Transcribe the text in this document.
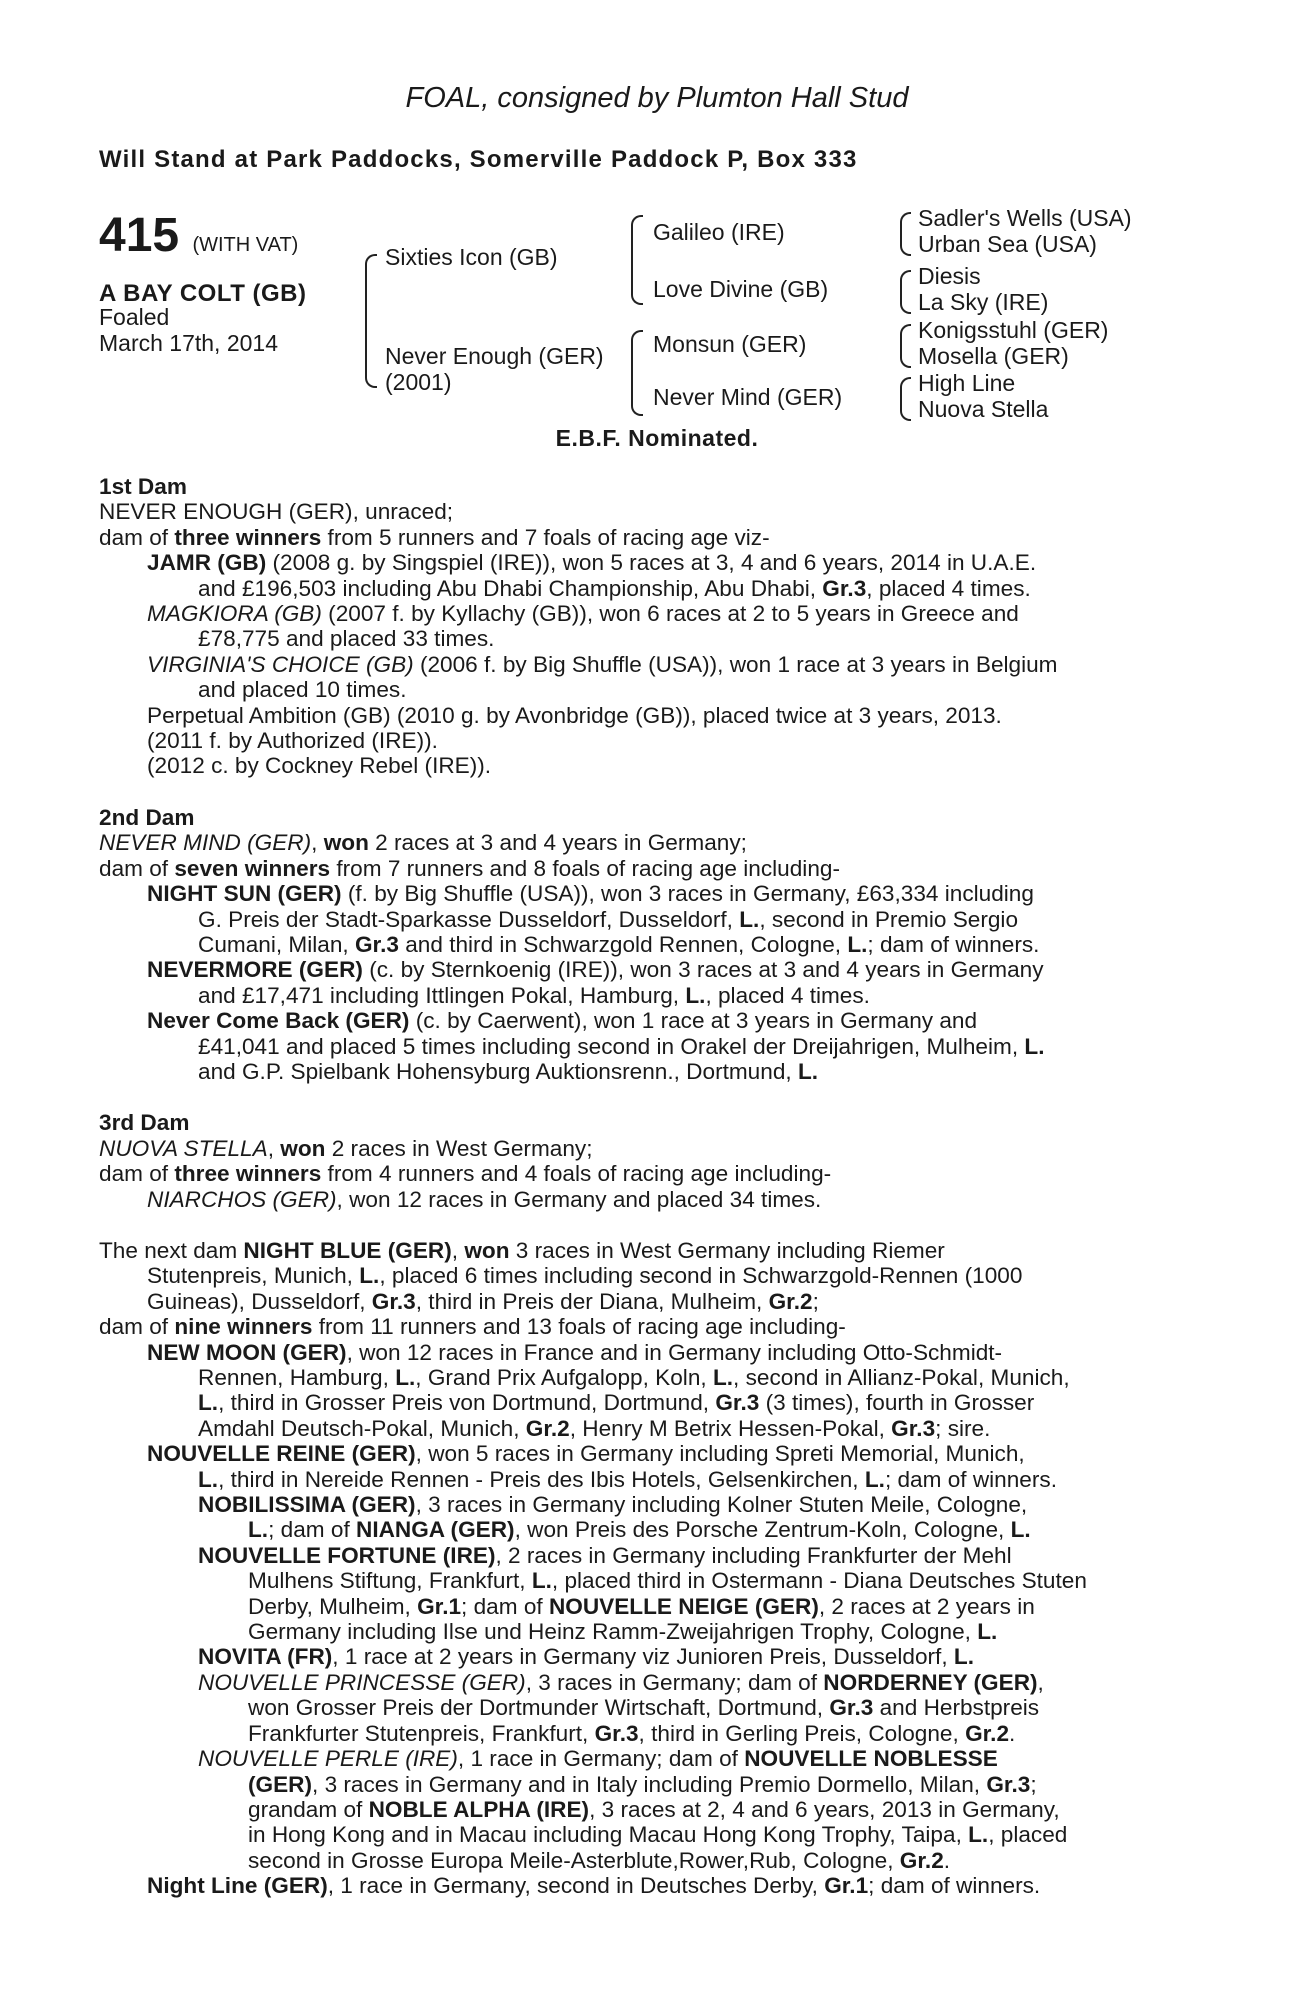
FOAL, consigned by Plumton Hall Stud
Will Stand at Park Paddocks, Somerville Paddock P, Box 333
415 (WITH VAT)
A BAY COLT (GB)
Foaled
March 17th, 2014
Sixties Icon (GB)
Never Enough (GER)
(2001)
Galileo (IRE)
Love Divine (GB)
Monsun (GER)
Never Mind (GER)
Sadler's Wells (USA)
Urban Sea (USA)
Diesis
La Sky (IRE)
Konigsstuhl (GER)
Mosella (GER)
High Line
Nuova Stella
E.B.F. Nominated.

1st Dam

NEVER ENOUGH (GER), unraced;

dam of three winners from 5 runners and 7 foals of racing age viz-

JAMR (GB) (2008 g. by Singspiel (IRE)), won 5 races at 3, 4 and 6 years, 2014 in U.A.E.

and £196,503 including Abu Dhabi Championship, Abu Dhabi, Gr.3, placed 4 times.

MAGKIORA (GB) (2007 f. by Kyllachy (GB)), won 6 races at 2 to 5 years in Greece and

£78,775 and placed 33 times.

VIRGINIA'S CHOICE (GB) (2006 f. by Big Shuffle (USA)), won 1 race at 3 years in Belgium

and placed 10 times.

Perpetual Ambition (GB) (2010 g. by Avonbridge (GB)), placed twice at 3 years, 2013.

(2011 f. by Authorized (IRE)).

(2012 c. by Cockney Rebel (IRE)).

2nd Dam

NEVER MIND (GER), won 2 races at 3 and 4 years in Germany;

dam of seven winners from 7 runners and 8 foals of racing age including-

NIGHT SUN (GER) (f. by Big Shuffle (USA)), won 3 races in Germany, £63,334 including

G. Preis der Stadt-Sparkasse Dusseldorf, Dusseldorf, L., second in Premio Sergio

Cumani, Milan, Gr.3 and third in Schwarzgold Rennen, Cologne, L.; dam of winners.

NEVERMORE (GER) (c. by Sternkoenig (IRE)), won 3 races at 3 and 4 years in Germany

and £17,471 including Ittlingen Pokal, Hamburg, L., placed 4 times.

Never Come Back (GER) (c. by Caerwent), won 1 race at 3 years in Germany and

£41,041 and placed 5 times including second in Orakel der Dreijahrigen, Mulheim, L.

and G.P. Spielbank Hohensyburg Auktionsrenn., Dortmund, L.

3rd Dam

NUOVA STELLA, won 2 races in West Germany;

dam of three winners from 4 runners and 4 foals of racing age including-

NIARCHOS (GER), won 12 races in Germany and placed 34 times.

The next dam NIGHT BLUE (GER), won 3 races in West Germany including Riemer

Stutenpreis, Munich, L., placed 6 times including second in Schwarzgold-Rennen (1000

Guineas), Dusseldorf, Gr.3, third in Preis der Diana, Mulheim, Gr.2;

dam of nine winners from 11 runners and 13 foals of racing age including-

NEW MOON (GER), won 12 races in France and in Germany including Otto-Schmidt-

Rennen, Hamburg, L., Grand Prix Aufgalopp, Koln, L., second in Allianz-Pokal, Munich,

L., third in Grosser Preis von Dortmund, Dortmund, Gr.3 (3 times), fourth in Grosser

Amdahl Deutsch-Pokal, Munich, Gr.2, Henry M Betrix Hessen-Pokal, Gr.3; sire.

NOUVELLE REINE (GER), won 5 races in Germany including Spreti Memorial, Munich,

L., third in Nereide Rennen - Preis des Ibis Hotels, Gelsenkirchen, L.; dam of winners.

NOBILISSIMA (GER), 3 races in Germany including Kolner Stuten Meile, Cologne,

L.; dam of NIANGA (GER), won Preis des Porsche Zentrum-Koln, Cologne, L.

NOUVELLE FORTUNE (IRE), 2 races in Germany including Frankfurter der Mehl

Mulhens Stiftung, Frankfurt, L., placed third in Ostermann - Diana Deutsches Stuten

Derby, Mulheim, Gr.1; dam of NOUVELLE NEIGE (GER), 2 races at 2 years in

Germany including Ilse und Heinz Ramm-Zweijahrigen Trophy, Cologne, L.

NOVITA (FR), 1 race at 2 years in Germany viz Junioren Preis, Dusseldorf, L.

NOUVELLE PRINCESSE (GER), 3 races in Germany; dam of NORDERNEY (GER),

won Grosser Preis der Dortmunder Wirtschaft, Dortmund, Gr.3 and Herbstpreis

Frankfurter Stutenpreis, Frankfurt, Gr.3, third in Gerling Preis, Cologne, Gr.2.

NOUVELLE PERLE (IRE), 1 race in Germany; dam of NOUVELLE NOBLESSE

(GER), 3 races in Germany and in Italy including Premio Dormello, Milan, Gr.3;

grandam of NOBLE ALPHA (IRE), 3 races at 2, 4 and 6 years, 2013 in Germany,

in Hong Kong and in Macau including Macau Hong Kong Trophy, Taipa, L., placed

second in Grosse Europa Meile-Asterblute,Rower,Rub, Cologne, Gr.2.

Night Line (GER), 1 race in Germany, second in Deutsches Derby, Gr.1; dam of winners.
